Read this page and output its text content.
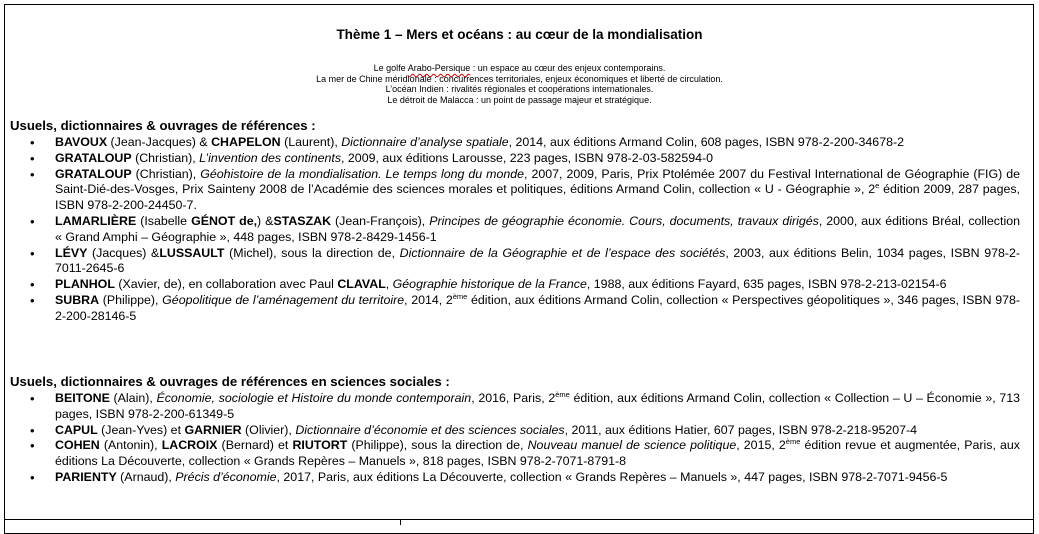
Thème 1 – Mers et océans : au cœur de la mondialisation
Le golfe Arabo-Persique : un espace au cœur des enjeux contemporains.
La mer de Chine méridionale : concurrences territoriales, enjeux économiques et liberté de circulation.
L’océan Indien : rivalités régionales et coopérations internationales.
Le détroit de Malacca : un point de passage majeur et stratégique.
Usuels, dictionnaires & ouvrages de références :
• BAVOUX (Jean-Jacques) & CHAPELON (Laurent), Dictionnaire d’analyse spatiale, 2014, aux éditions Armand Colin, 608 pages, ISBN 978-2-200-34678-2
• GRATALOUP (Christian), L’invention des continents, 2009, aux éditions Larousse, 223 pages, ISBN 978-2-03-582594-0
• GRATALOUP (Christian), Géohistoire de la mondialisation. Le temps long du monde, 2007, 2009, Paris, Prix Ptolémée 2007 du Festival International de Géographie (FIG) de Saint-Dié-des-Vosges, Prix Sainteny 2008 de l’Académie des sciences morales et politiques, éditions Armand Colin, collection « U - Géographie », 2e édition 2009, 287 pages, ISBN 978-2-200-24450-7.
• LAMARLIÈRE (Isabelle GÉNOT de,) &STASZAK (Jean-François), Principes de géographie économie. Cours, documents, travaux dirigés, 2000, aux éditions Bréal, collection « Grand Amphi – Géographie », 448 pages, ISBN 978-2-8429-1456-1
• LÉVY (Jacques) &LUSSAULT (Michel), sous la direction de, Dictionnaire de la Géographie et de l’espace des sociétés, 2003, aux éditions Belin, 1034 pages, ISBN 978-2-7011-2645-6
• PLANHOL (Xavier, de), en collaboration avec Paul CLAVAL, Géographie historique de la France, 1988, aux éditions Fayard, 635 pages, ISBN 978-2-213-02154-6
• SUBRA (Philippe), Géopolitique de l’aménagement du territoire, 2014, 2ème édition, aux éditions Armand Colin, collection « Perspectives géopolitiques », 346 pages, ISBN 978-2-200-28146-5
Usuels, dictionnaires & ouvrages de références en sciences sociales :
• BEITONE (Alain), Économie, sociologie et Histoire du monde contemporain, 2016, Paris, 2ème édition, aux éditions Armand Colin, collection « Collection – U – Économie », 713 pages, ISBN 978-2-200-61349-5
• CAPUL (Jean-Yves) et GARNIER (Olivier), Dictionnaire d’économie et des sciences sociales, 2011, aux éditions Hatier, 607 pages, ISBN 978-2-218-95207-4
• COHEN (Antonin), LACROIX (Bernard) et RIUTORT (Philippe), sous la direction de, Nouveau manuel de science politique, 2015, 2ème édition revue et augmentée, Paris, aux éditions La Découverte, collection « Grands Repères – Manuels », 818 pages, ISBN 978-2-7071-8791-8
• PARIENTY (Arnaud), Précis d’économie, 2017, Paris, aux éditions La Découverte, collection « Grands Repères – Manuels », 447 pages, ISBN 978-2-7071-9456-5
